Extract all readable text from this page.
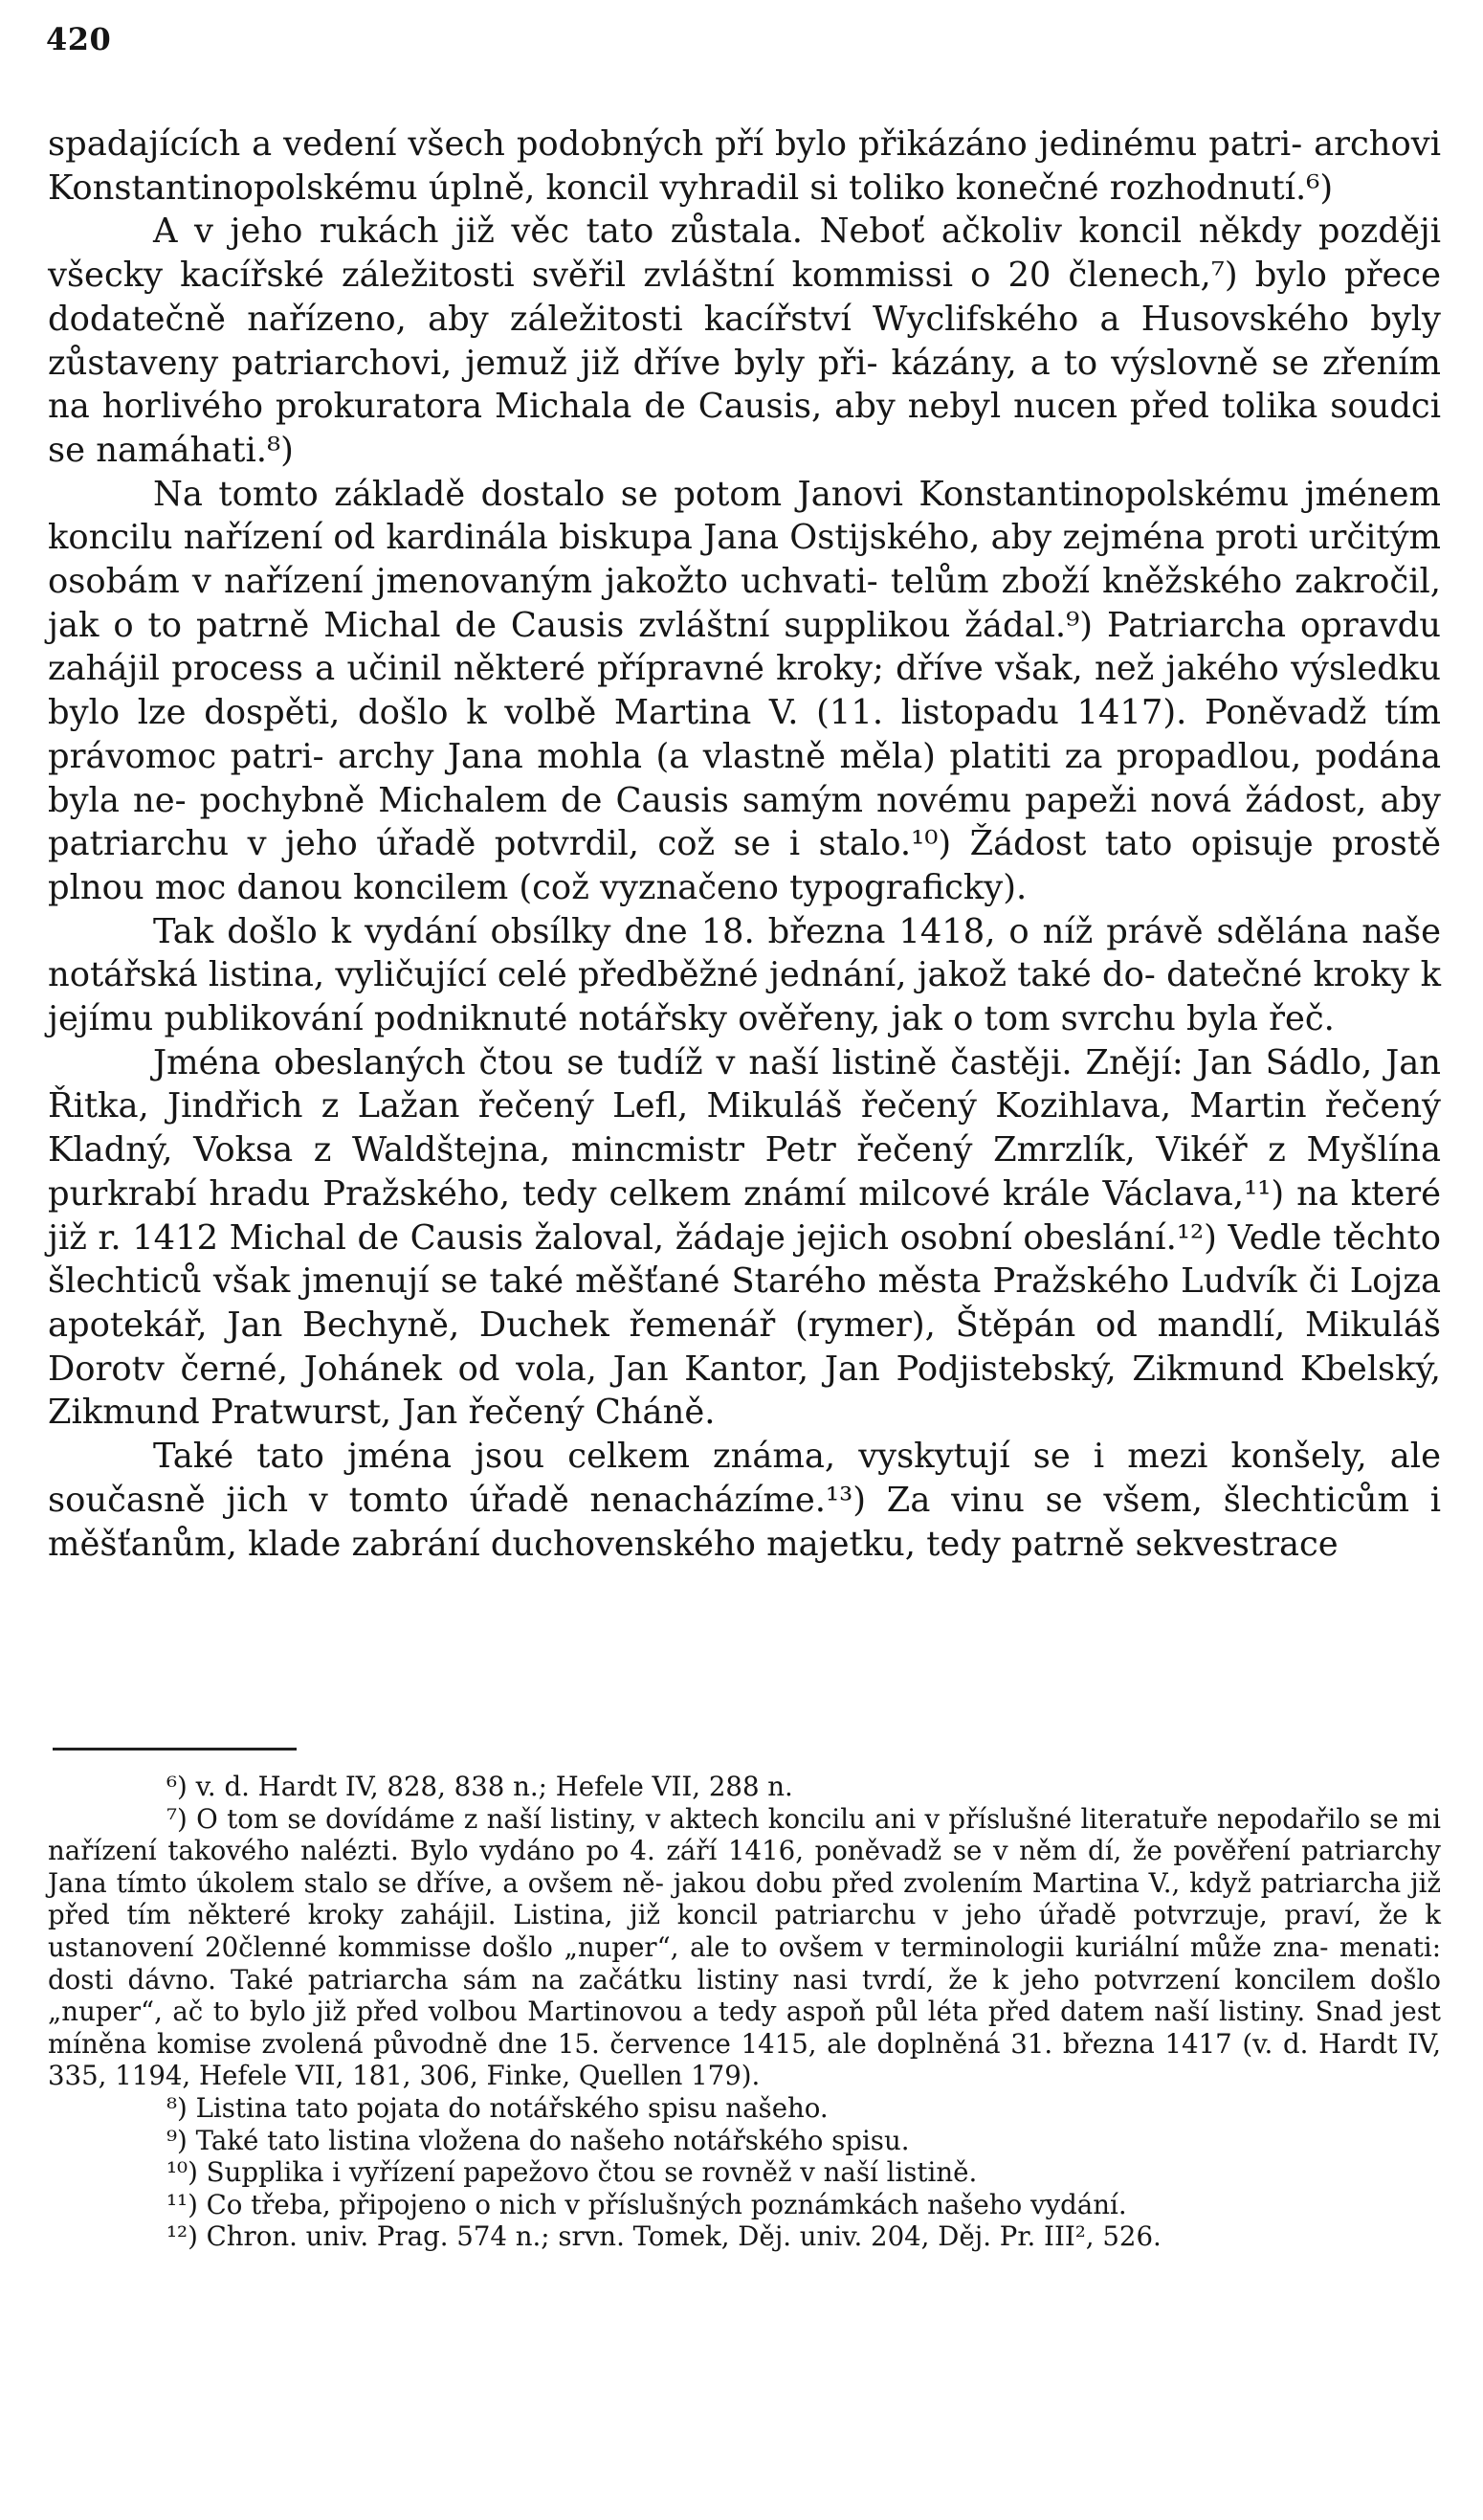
420

spadajících a vedení všech podobných pří bylo přikázáno jedinému patri- archovi Konstantinopolskému úplně, koncil vyhradil si toliko konečné rozhodnutí.⁶)

A v jeho rukách již věc tato zůstala. Neboť ačkoliv koncil někdy později všecky kacířské záležitosti svěřil zvláštní kommissi o 20 členech,⁷) bylo přece dodatečně nařízeno, aby záležitosti kacířství Wyclifského a Husovského byly zůstaveny patriarchovi, jemuž již dříve byly při- kázány, a to výslovně se zřením na horlivého prokuratora Michala de Causis, aby nebyl nucen před tolika soudci se namáhati.⁸)

Na tomto základě dostalo se potom Janovi Konstantinopolskému jménem koncilu nařízení od kardinála biskupa Jana Ostijského, aby zejména proti určitým osobám v nařízení jmenovaným jakožto uchvati- telům zboží kněžského zakročil, jak o to patrně Michal de Causis zvláštní supplikou žádal.⁹) Patriarcha opravdu zahájil process a učinil některé přípravné kroky; dříve však, než jakého výsledku bylo lze dospěti, došlo k volbě Martina V. (11. listopadu 1417). Poněvadž tím právomoc patri- archy Jana mohla (a vlastně měla) platiti za propadlou, podána byla ne- pochybně Michalem de Causis samým novému papeži nová žádost, aby patriarchu v jeho úřadě potvrdil, což se i stalo.¹⁰) Žádost tato opisuje prostě plnou moc danou koncilem (což vyznačeno typograficky).

Tak došlo k vydání obsílky dne 18. března 1418, o níž právě sdělána naše notářská listina, vyličující celé předběžné jednání, jakož také do- datečné kroky k jejímu publikování podniknuté notářsky ověřeny, jak o tom svrchu byla řeč.

Jména obeslaných čtou se tudíž v naší listině častěji. Znějí: Jan Sádlo, Jan Řitka, Jindřich z Lažan řečený Lefl, Mikuláš řečený Kozihlava, Martin řečený Kladný, Voksa z Waldštejna, mincmistr Petr řečený Zmrzlík, Vikéř z Myšlína purkrabí hradu Pražského, tedy celkem známí milcové krále Václava,¹¹) na které již r. 1412 Michal de Causis žaloval, žádaje jejich osobní obeslání.¹²) Vedle těchto šlechticů však jmenují se také měšťané Starého města Pražského Ludvík či Lojza apotekář, Jan Bechyně, Duchek řemenář (rymer), Štěpán od mandlí, Mikuláš Dorotv černé, Johánek od vola, Jan Kantor, Jan Podjistebský, Zikmund Kbelský, Zikmund Pratwurst, Jan řečený Cháně.

Také tato jména jsou celkem známa, vyskytují se i mezi konšely, ale současně jich v tomto úřadě nenacházíme.¹³) Za vinu se všem, šlechticům i měšťanům, klade zabrání duchovenského majetku, tedy patrně sekvestrace

⁶) v. d. Hardt IV, 828, 838 n.; Hefele VII, 288 n.

⁷) O tom se dovídáme z naší listiny, v aktech koncilu ani v příslušné literatuře nepodařilo se mi nařízení takového nalézti. Bylo vydáno po 4. září 1416, poněvadž se v něm dí, že pověření patriarchy Jana tímto úkolem stalo se dříve, a ovšem ně- jakou dobu před zvolením Martina V., když patriarcha již před tím některé kroky zahájil. Listina, již koncil patriarchu v jeho úřadě potvrzuje, praví, že k ustanovení 20členné kommisse došlo „nuper“, ale to ovšem v terminologii kuriální může zna- menati: dosti dávno. Také patriarcha sám na začátku listiny nasi tvrdí, že k jeho potvrzení koncilem došlo „nuper“, ač to bylo již před volbou Martinovou a tedy aspoň půl léta před datem naší listiny. Snad jest míněna komise zvolená původně dne 15. července 1415, ale doplněná 31. března 1417 (v. d. Hardt IV, 335, 1194, Hefele VII, 181, 306, Finke, Quellen 179).

⁸) Listina tato pojata do notářského spisu našeho.

⁹) Také tato listina vložena do našeho notářského spisu.

¹⁰) Supplika i vyřízení papežovo čtou se rovněž v naší listině.

¹¹) Co třeba, připojeno o nich v příslušných poznámkách našeho vydání.

¹²) Chron. univ. Prag. 574 n.; srvn. Tomek, Děj. univ. 204, Děj. Pr. III², 526.
